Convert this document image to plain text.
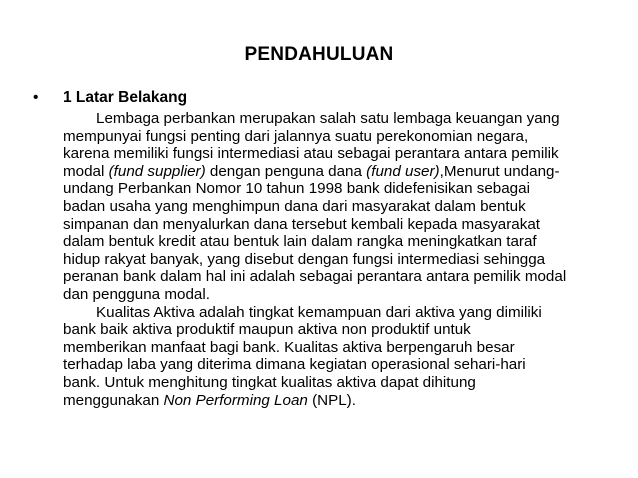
PENDAHULUAN
•	1 Latar Belakang
Lembaga perbankan merupakan salah satu lembaga keuangan yang
mempunyai fungsi penting dari jalannya suatu perekonomian negara,
karena memiliki fungsi intermediasi atau sebagai perantara antara pemilik
modal (fund supplier) dengan penguna dana (fund user),Menurut undang-
undang Perbankan Nomor 10 tahun 1998 bank didefenisikan sebagai
badan usaha yang menghimpun dana dari masyarakat dalam bentuk
simpanan dan menyalurkan dana tersebut kembali kepada masyarakat
dalam bentuk kredit atau bentuk lain dalam rangka meningkatkan taraf
hidup rakyat banyak, yang disebut dengan fungsi intermediasi sehingga
peranan bank dalam hal ini adalah sebagai perantara antara pemilik modal
dan pengguna modal.
Kualitas Aktiva adalah tingkat kemampuan dari aktiva yang dimiliki
bank baik aktiva produktif maupun aktiva non produktif untuk
memberikan manfaat bagi bank. Kualitas aktiva berpengaruh besar
terhadap laba yang diterima dimana kegiatan operasional sehari-hari
bank. Untuk menghitung tingkat kualitas aktiva dapat dihitung
menggunakan Non Performing Loan (NPL).
